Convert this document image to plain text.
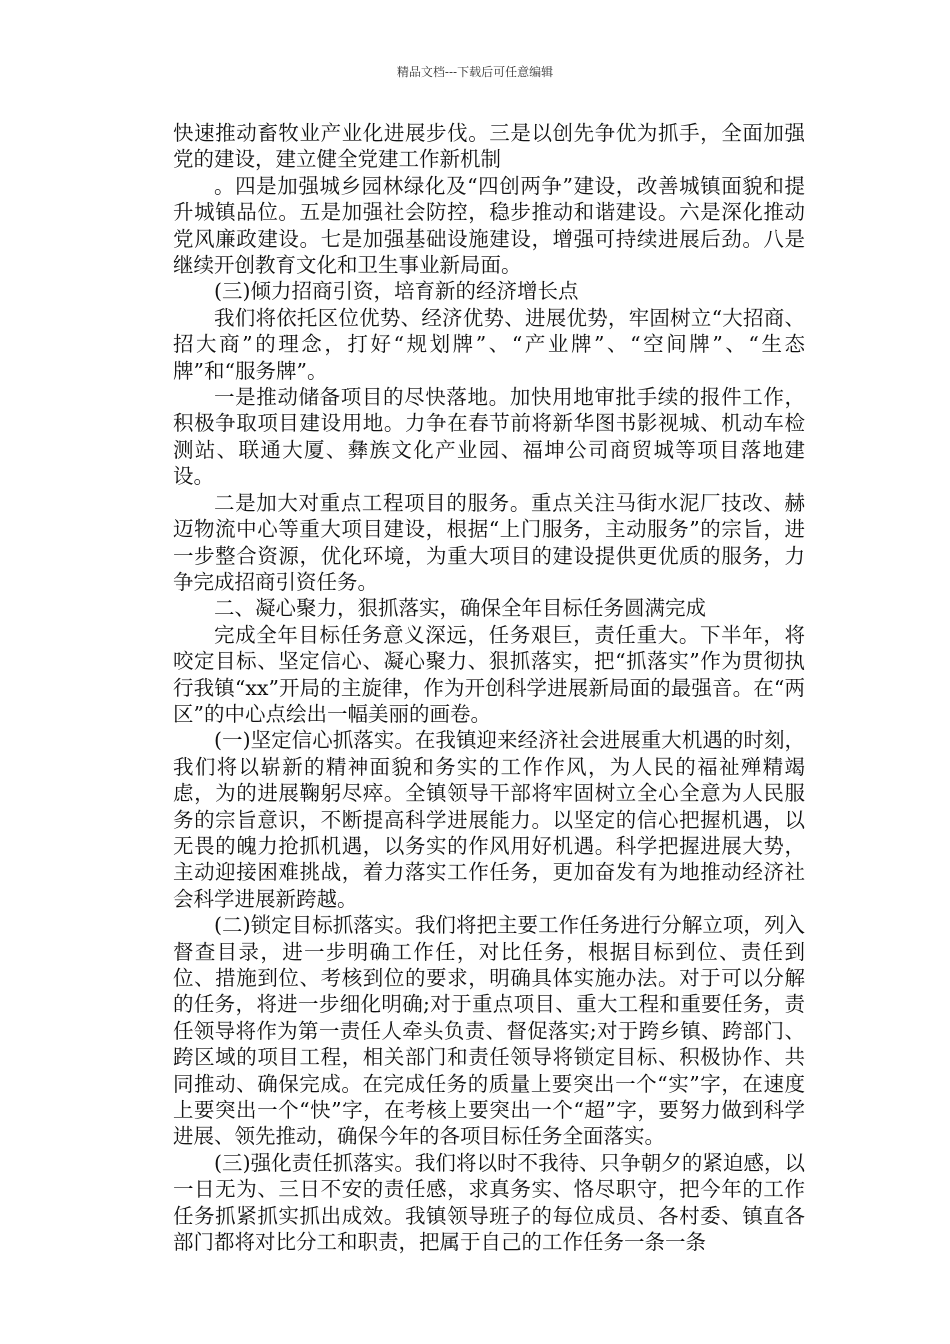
精品文档---下载后可任意编辑

快速推动畜牧业产业化进展步伐。三是以创先争优为抓手，全面加强党的建设，建立健全党建工作新机制

。四是加强城乡园林绿化及“四创两争”建设，改善城镇面貌和提升城镇品位。五是加强社会防控，稳步推动和谐建设。六是深化推动党风廉政建设。七是加强基础设施建设，增强可持续进展后劲。八是继续开创教育文化和卫生事业新局面。

(三)倾力招商引资，培育新的经济增长点

我们将依托区位优势、经济优势、进展优势，牢固树立“大招商、招大商”的理念，打好“规划牌”、“产业牌”、“空间牌”、“生态牌”和“服务牌”。

一是推动储备项目的尽快落地。加快用地审批手续的报件工作，积极争取项目建设用地。力争在春节前将新华图书影视城、机动车检测站、联通大厦、彝族文化产业园、福坤公司商贸城等项目落地建设。

二是加大对重点工程项目的服务。重点关注马街水泥厂技改、赫迈物流中心等重大项目建设，根据“上门服务，主动服务”的宗旨，进一步整合资源，优化环境，为重大项目的建设提供更优质的服务，力争完成招商引资任务。

二、凝心聚力，狠抓落实，确保全年目标任务圆满完成

完成全年目标任务意义深远，任务艰巨，责任重大。下半年，将咬定目标、坚定信心、凝心聚力、狠抓落实，把“抓落实”作为贯彻执行我镇“xx”开局的主旋律，作为开创科学进展新局面的最强音。在“两区”的中心点绘出一幅美丽的画卷。

(一)坚定信心抓落实。在我镇迎来经济社会进展重大机遇的时刻，我们将以崭新的精神面貌和务实的工作作风，为人民的福祉殚精竭虑，为的进展鞠躬尽瘁。全镇领导干部将牢固树立全心全意为人民服务的宗旨意识，不断提高科学进展能力。以坚定的信心把握机遇，以无畏的魄力抢抓机遇，以务实的作风用好机遇。科学把握进展大势，主动迎接困难挑战，着力落实工作任务，更加奋发有为地推动经济社会科学进展新跨越。

(二)锁定目标抓落实。我们将把主要工作任务进行分解立项，列入督查目录，进一步明确工作任，对比任务，根据目标到位、责任到位、措施到位、考核到位的要求，明确具体实施办法。对于可以分解的任务，将进一步细化明确;对于重点项目、重大工程和重要任务，责任领导将作为第一责任人牵头负责、督促落实;对于跨乡镇、跨部门、跨区域的项目工程，相关部门和责任领导将锁定目标、积极协作、共同推动、确保完成。在完成任务的质量上要突出一个“实”字，在速度上要突出一个“快”字，在考核上要突出一个“超”字，要努力做到科学进展、领先推动，确保今年的各项目标任务全面落实。

(三)强化责任抓落实。我们将以时不我待、只争朝夕的紧迫感，以一日无为、三日不安的责任感，求真务实、恪尽职守，把今年的工作任务抓紧抓实抓出成效。我镇领导班子的每位成员、各村委、镇直各部门都将对比分工和职责，把属于自己的工作任务一条一条
